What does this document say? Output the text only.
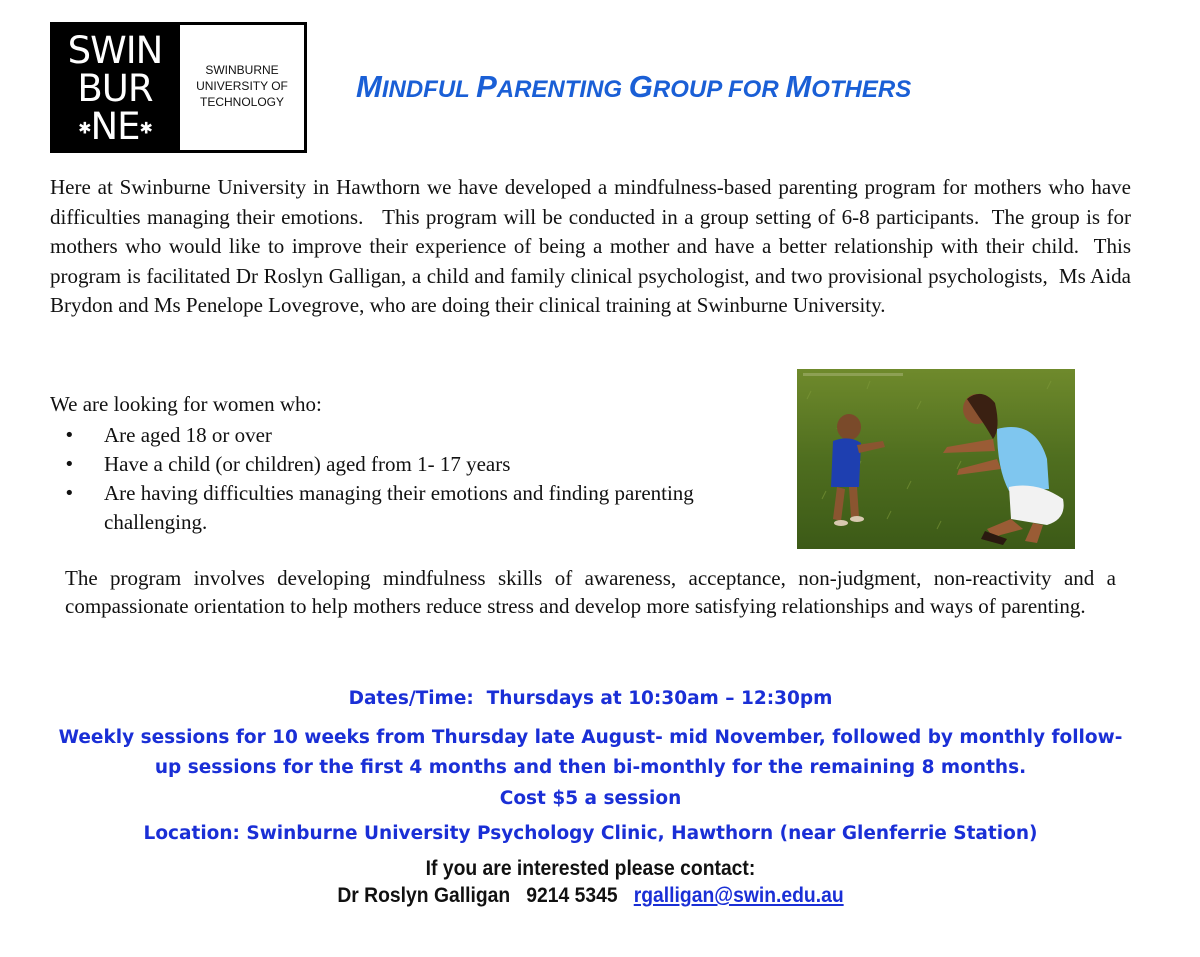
SWIN
BUR
✱NE✱
SWINBURNE
UNIVERSITY OF
TECHNOLOGY	MINDFUL PARENTING GROUP FOR MOTHERS
Here at Swinburne University in Hawthorn we have developed a mindfulness-based parenting program for mothers who have difficulties managing their emotions.   This program will be conducted in a group setting of 6-8 participants.  The group is for mothers who would like to improve their experience of being a mother and have a better relationship with their child.  This program is facilitated Dr Roslyn Galligan, a child and family clinical psychologist, and two provisional psychologists,  Ms Aida Brydon and Ms Penelope Lovegrove, who are doing their clinical training at Swinburne University.
We are looking for women who:
• Are aged 18 or over
• Have a child (or children) aged from 1- 17 years
• Are having difficulties managing their emotions and finding parenting challenging.
The program involves developing mindfulness skills of awareness, acceptance, non-judgment, non-reactivity and a compassionate orientation to help mothers reduce stress and develop more satisfying relationships and ways of parenting.
Dates/Time:  Thursdays at 10:30am – 12:30pm
Weekly sessions for 10 weeks from Thursday late August- mid November, followed by monthly follow-up sessions for the first 4 months and then bi-monthly for the remaining 8 months.
Cost $5 a session
Location: Swinburne University Psychology Clinic, Hawthorn (near Glenferrie Station)
If you are interested please contact:
Dr Roslyn Galligan   9214 5345   rgalligan@swin.edu.au
